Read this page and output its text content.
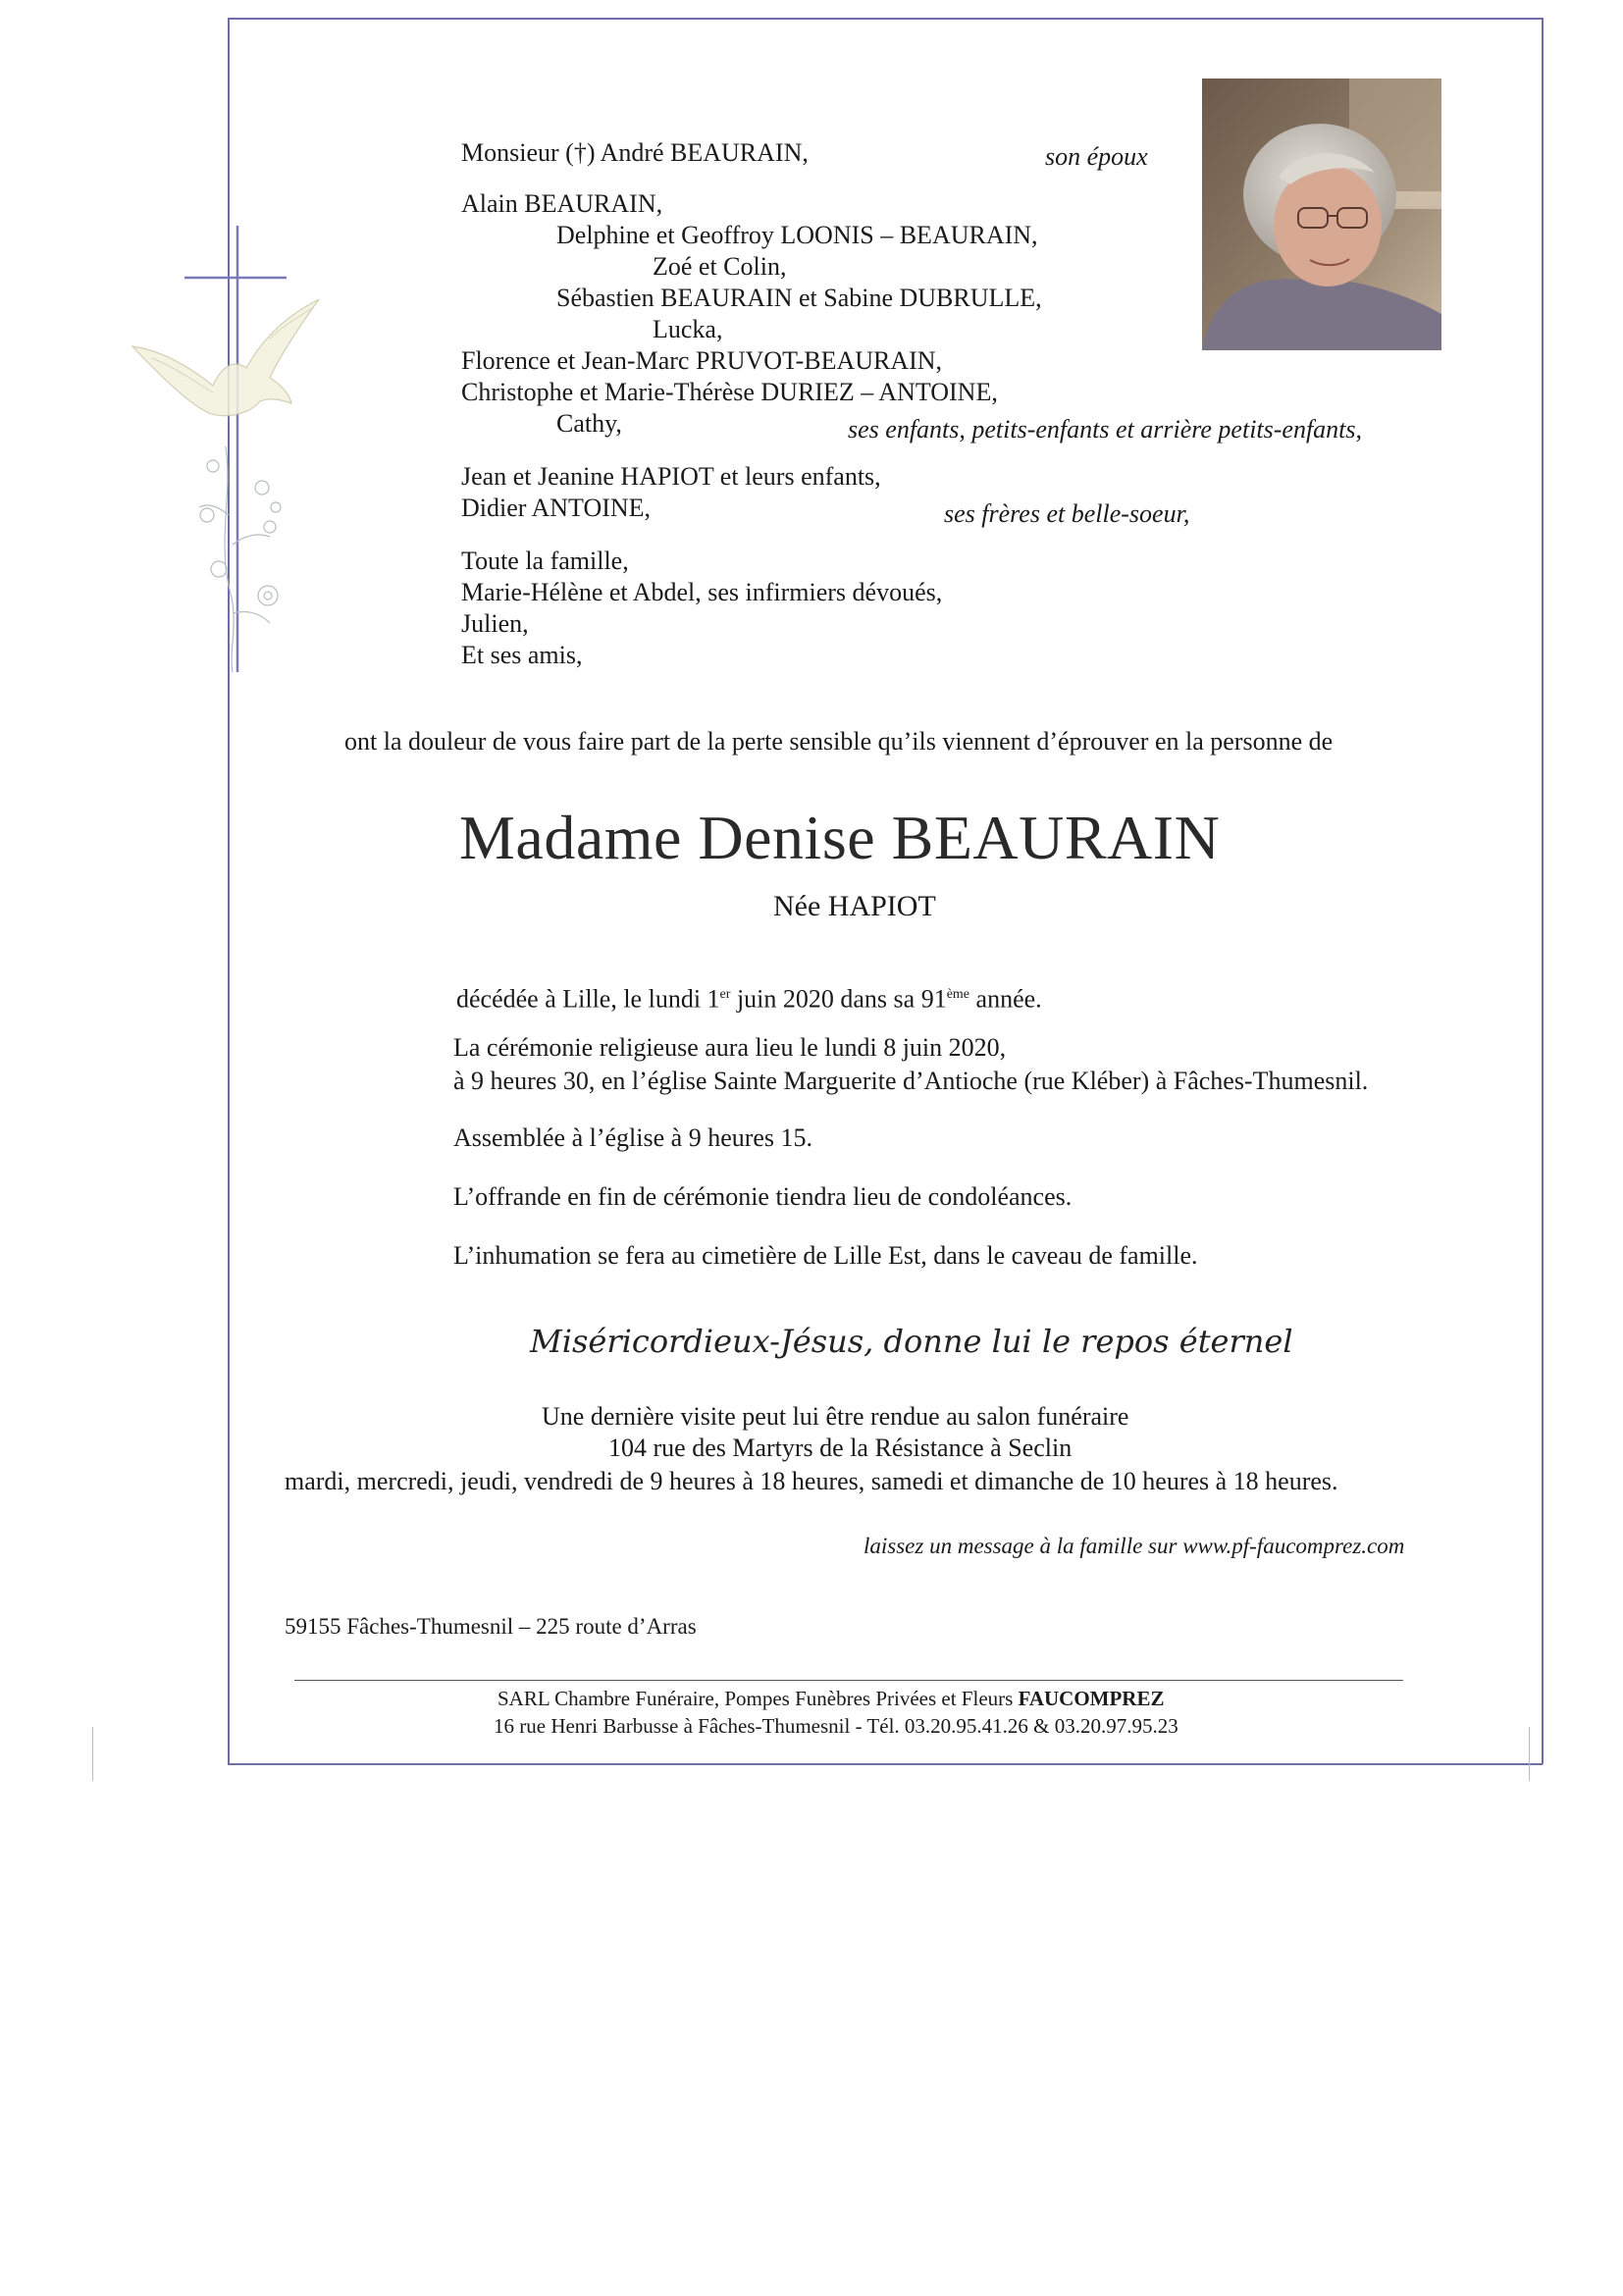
Monsieur (†) André BEAURAIN,	son époux
Alain BEAURAIN,
Delphine et Geoffroy LOONIS – BEAURAIN,
Zoé et Colin,
Sébastien BEAURAIN et Sabine DUBRULLE,
Lucka,
Florence et Jean-Marc PRUVOT-BEAURAIN,
Christophe et Marie-Thérèse DURIEZ – ANTOINE,
Cathy,	ses enfants, petits-enfants et arrière petits-enfants,
Jean et Jeanine HAPIOT et leurs enfants,
Didier ANTOINE,	ses frères et belle-soeur,
Toute la famille,
Marie-Hélène et Abdel, ses infirmiers dévoués,
Julien,
Et ses amis,
ont la douleur de vous faire part de la perte sensible qu’ils viennent d’éprouver en la personne de
Madame Denise BEAURAIN
Née HAPIOT
décédée à Lille, le lundi 1er juin 2020 dans sa 91ème année.
La cérémonie religieuse aura lieu le lundi 8 juin 2020,
à 9 heures 30, en l’église Sainte Marguerite d’Antioche (rue Kléber) à Fâches-Thumesnil.
Assemblée à l’église à 9 heures 15.
L’offrande en fin de cérémonie tiendra lieu de condoléances.
L’inhumation se fera au cimetière de Lille Est, dans le caveau de famille.
Miséricordieux-Jésus, donne lui le repos éternel
Une dernière visite peut lui être rendue au salon funéraire
104 rue des Martyrs de la Résistance à Seclin
mardi, mercredi, jeudi, vendredi de 9 heures à 18 heures, samedi et dimanche de 10 heures à 18 heures.
laissez un message à la famille sur www.pf-faucomprez.com
59155 Fâches-Thumesnil – 225 route d’Arras
SARL Chambre Funéraire, Pompes Funèbres Privées et Fleurs FAUCOMPREZ
16 rue Henri Barbusse à Fâches-Thumesnil - Tél. 03.20.95.41.26 & 03.20.97.95.23
